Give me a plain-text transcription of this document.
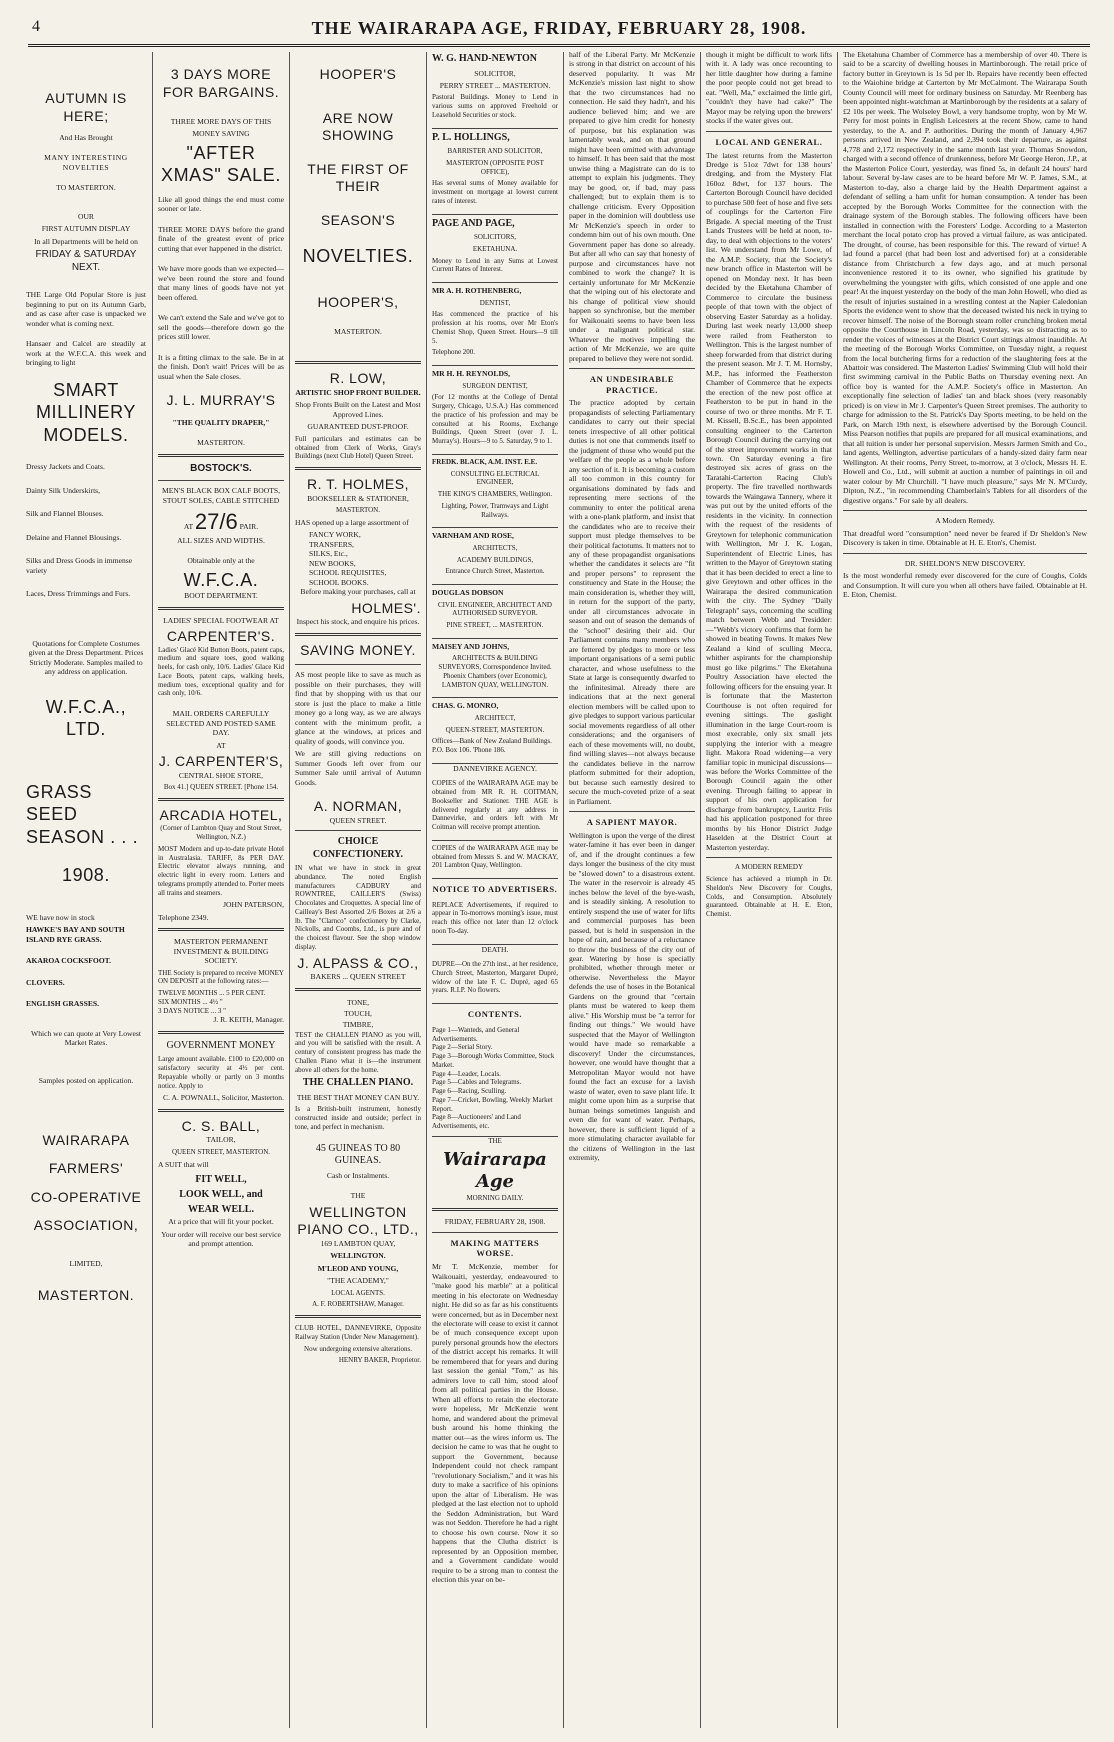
4	THE WAIRARAPA AGE, FRIDAY, FEBRUARY 28, 1908.
AUTUMN IS HERE;

And Has Brought

MANY INTERESTING NOVELTIES

TO MASTERTON.

OUR

FIRST AUTUMN DISPLAY

In all Departments will be held on

FRIDAY & SATURDAY NEXT.

THE Large Old Popular Store is just beginning to put on its Autumn Garb, and as case after case is unpacked we wonder what is coming next.

Hansaer and Calcel are steadily at work at the W.F.C.A. this week and bringing to light

SMART MILLINERY MODELS.
Dressy Jackets and Coats.
Dainty Silk Underskirts,
Silk and Flannel Blouses.
Delaine and Flannel Blousings.
Silks and Dress Goods in immense variety
Laces, Dress Trimmings and Furs.

Quotations for Complete Costumes given at the Dress Department. Prices Strictly Moderate. Samples mailed to any address on application.

W.F.C.A., LTD.
GRASS SEED
SEASON . . .
1908.

WE have now in stock

HAWKE'S BAY AND SOUTH ISLAND RYE GRASS.
AKAROA COCKSFOOT.
CLOVERS.
ENGLISH GRASSES.

Which we can quote at Very Lowest Market Rates.

Samples posted on application.

WAIRARAPA
FARMERS'
CO-OPERATIVE
ASSOCIATION,

LIMITED,

MASTERTON.
3 DAYS MORE FOR BARGAINS.

THREE MORE DAYS OF THIS

MONEY SAVING

"AFTER XMAS" SALE.

Like all good things the end must come sooner or late.

THREE MORE DAYS before the grand finale of the greatest event of price cutting that ever happened in the district.

We have more goods than we expected—we've been round the store and found that many lines of goods have not yet been offered.

We can't extend the Sale and we've got to sell the goods—therefore down go the prices still lower.

It is a fitting climax to the sale. Be in at the finish. Don't wait! Prices will be as usual when the Sale closes.

J. L. MURRAY'S

"THE QUALITY DRAPER,"

MASTERTON.

BOSTOCK'S.

MEN'S BLACK BOX CALF BOOTS, STOUT SOLES, CABLE STITCHED

AT 27/6 PAIR.

ALL SIZES AND WIDTHS.

Obtainable only at the

W.F.C.A.

BOOT DEPARTMENT.

LADIES' SPECIAL FOOTWEAR AT

CARPENTER'S.

Ladies' Glacé Kid Button Boots, patent caps, medium and square toes, good walking heels, for cash only, 10/6. Ladies' Glace Kid Lace Boots, patent caps, walking heels, medium toes, exceptional quality and for cash only, 10/6.

MAIL ORDERS CAREFULLY SELECTED AND POSTED SAME DAY.

AT

J. CARPENTER'S,

CENTRAL SHOE STORE,

Box 41.] QUEEN STREET. [Phone 154.

ARCADIA HOTEL,

(Corner of Lambton Quay and Stout Street, Wellington, N.Z.)

MOST Modern and up-to-date private Hotel in Australasia. TARIFF, 8s PER DAY. Electric elevator always running, and electric light in every room. Letters and telegrams promptly attended to. Porter meets all trains and steamers.

JOHN PATERSON,

Telephone 2349.

MASTERTON PERMANENT INVESTMENT & BUILDING SOCIETY.

THE Society is prepared to receive MONEY ON DEPOSIT at the following rates:—

TWELVE MONTHS ... 5 PER CENT.
SIX MONTHS ... 4½ "
3 DAYS NOTICE ... 3 "

J. R. KEITH, Manager.

GOVERNMENT MONEY

Large amount available. £100 to £20,000 on satisfactory security at 4½ per cent. Repayable wholly or partly on 3 months notice. Apply to

C. A. POWNALL, Solicitor, Masterton.

C. S. BALL,

TAILOR,

QUEEN STREET, MASTERTON.

A SUIT that will

FIT WELL,
LOOK WELL, and
WEAR WELL.

At a price that will fit your pocket.

Your order will receive our best service and prompt attention.

HOOPER'S
ARE NOW SHOWING
THE FIRST OF THEIR
SEASON'S
NOVELTIES.
HOOPER'S,

MASTERTON.

R. LOW,

ARTISTIC SHOP FRONT BUILDER.

Shop Fronts Built on the Latest and Most Approved Lines.

GUARANTEED DUST-PROOF.

Full particulars and estimates can be obtained from Clerk of Works, Gray's Buildings (next Club Hotel) Queen Street.

R. T. HOLMES,

BOOKSELLER & STATIONER,

MASTERTON.

HAS opened up a large assortment of

FANCY WORK,
TRANSFERS,
SILKS, Etc.,
NEW BOOKS,
SCHOOL REQUISITES,
SCHOOL BOOKS.

Before making your purchases, call at

HOLMES'.

Inspect his stock, and enquire his prices.

SAVING MONEY.

AS most people like to save as much as possible on their purchases, they will find that by shopping with us that our store is just the place to make a little money go a long way, as we are always content with the minimum profit, a glance at the windows, at prices and quality of goods, will convince you.

We are still giving reductions on Summer Goods left over from our Summer Sale until arrival of Autumn Goods.

A. NORMAN,

QUEEN STREET.

CHOICE CONFECTIONERY.

IN what we have in stock in great abundance. The noted English manufacturers CADBURY and ROWNTREE, CAILLER'S (Swiss) Chocolates and Croquettes. A special line of Cailleay's Best Assorted 2/6 Boxes at 2/6 a lb. The "Clarnco" confectionery by Clarke, Nickolls, and Coombs, Ltd., is pure and of the choicest flavour. See the shop window display.

J. ALPASS & CO.,

BAKERS ... QUEEN STREET

TONE,
TOUCH,
TIMBRE,

TEST the CHALLEN PIANO as you will, and you will be satisfied with the result. A century of consistent progress has made the Challen Piano what it is—the instrument above all others for the home.

THE CHALLEN PIANO.

THE BEST THAT MONEY CAN BUY.

Is a British-built instrument, honestly constructed inside and outside; perfect in tone, and perfect in mechanism.

45 GUINEAS TO 80 GUINEAS.

Cash or Instalments.

THE

WELLINGTON PIANO CO., LTD.,

169 LAMBTON QUAY,

WELLINGTON.

M'LEOD AND YOUNG,

"THE ACADEMY,"

LOCAL AGENTS.

A. F. ROBERTSHAW, Manager.

CLUB HOTEL, DANNEVIRKE, Opposite Railway Station (Under New Management).

Now undergoing extensive alterations.

HENRY BAKER, Proprietor.

W. G. HAND-NEWTON

SOLICITOR,

PERRY STREET ... MASTERTON.

Pastoral Buildings. Money to Lend in various sums on approved Freehold or Leasehold Securities or stock.

P. L. HOLLINGS,

BARRISTER AND SOLICITOR,

MASTERTON (OPPOSITE POST OFFICE),

Has several sums of Money available for investment on mortgage at lowest current rates of interest.

PAGE AND PAGE,

SOLICITORS,

EKETAHUNA.

Money to Lend in any Sums at Lowest Current Rates of Interest.

MR A. H. ROTHENBERG,

DENTIST,

Has commenced the practice of his profession at his rooms, over Mr Eton's Chemist Shop, Queen Street. Hours—9 till 5.

Telephone 200.

MR H. H. REYNOLDS,

SURGEON DENTIST,

(For 12 months at the College of Dental Surgery, Chicago, U.S.A.) Has commenced the practice of his profession and may be consulted at his Rooms, Exchange Buildings, Queen Street (over J. L. Murray's). Hours—9 to 5. Saturday, 9 to 1.

FREDK. BLACK, A.M. INST. E.E.

CONSULTING ELECTRICAL ENGINEER,

THE KING'S CHAMBERS, Wellington.

Lighting, Power, Tramways and Light Railways.

VARNHAM AND ROSE,

ARCHITECTS,

ACADEMY BUILDINGS,

Entrance Church Street, Masterton.

DOUGLAS DOBSON

CIVIL ENGINEER, ARCHITECT AND AUTHORISED SURVEYOR.

PINE STREET, ... MASTERTON.

MAISEY AND JOHNS,

ARCHITECTS & BUILDING SURVEYORS, Correspondence Invited. Phoenix Chambers (over Economic), LAMBTON QUAY, WELLINGTON.

CHAS. G. MONRO,

ARCHITECT,

QUEEN-STREET, MASTERTON.

Offices—Bank of New Zealand Buildings. P.O. Box 106. 'Phone 186.

DANNEVIRKE AGENCY.

COPIES of the WAIRARAPA AGE may be obtained from MR R. H. COITMAN, Bookseller and Stationer. THE AGE is delivered regularly at any address in Dannevirke, and orders left with Mr Coitman will receive prompt attention.

COPIES of the WAIRARAPA AGE may be obtained from Messrs S. and W. MACKAY, 201 Lambton Quay, Wellington.

NOTICE TO ADVERTISERS.

REPLACE Advertisements, if required to appear in To-morrows morning's issue, must reach this office not later than 12 o'clock noon To-day.

DEATH.

DUPRE—On the 27th inst., at her residence, Church Street, Masterton, Margaret Dupré, widow of the late F. C. Dupré, aged 65 years. R.I.P. No flowers.

CONTENTS.

Page 1—Wanteds, and General Advertisements.
Page 2—Serial Story.
Page 3—Borough Works Committee, Stock Market.
Page 4—Leader, Locals.
Page 5—Cables and Telegrams.
Page 6—Racing, Sculling.
Page 7—Cricket, Bowling, Weekly Market Report.
Page 8—Auctioneers' and Land Advertisements, etc.

THE

Wairarapa Age

MORNING DAILY.

FRIDAY, FEBRUARY 28, 1908.

MAKING MATTERS WORSE.

Mr T. McKenzie, member for Waikouaiti, yesterday, endeavoured to "make good his marble" at a political meeting in his electorate on Wednesday night. He did so as far as his constituents were concerned, but as in December next the electorate will cease to exist it cannot be of much consequence except upon purely personal grounds how the electors of the district accept his remarks. It will be remembered that for years and during last session the genial "Tom," as his admirers love to call him, stood aloof from all political parties in the House. When all efforts to retain the electorate were hopeless, Mr McKenzie went home, and wandered about the primeval bush around his home thinking the matter out—as the wires inform us. The decision he came to was that he ought to support the Government, because Independent could not check rampant "revolutionary Socialism," and it was his duty to make a sacrifice of his opinions upon the altar of Liberalism. He was pledged at the last election not to uphold the Seddon Administration, but Ward was not Seddon. Therefore he had a right to choose his own course. Now it so happens that the Clutha district is represented by an Opposition member, and a Government candidate would require to be a strong man to contest the election this year on be-

half of the Liberal Party. Mr McKenzie is strong in that district on account of his deserved popularity. It was Mr McKenzie's mission last night to show that the two circumstances had no connection. He said they hadn't, and his audience believed him; and we are prepared to give him credit for honesty of purpose, but his explanation was lamentably weak, and on that ground might have been omitted with advantage to himself. It has been said that the most unwise thing a Magistrate can do is to attempt to explain his judgments. They may be good, or, if bad, may pass challenged; but to explain them is to challenge criticism. Every Opposition paper in the dominion will doubtless use Mr McKenzie's speech in order to condemn him out of his own mouth. One Government paper has done so already. But after all who can say that honesty of purpose and circumstances have not combined to work the change? It is certainly unfortunate for Mr McKenzie that the wiping out of his electorate and his change of political view should happen so synchronise, but the member for Waikouaiti seems to have been less under a malignant political star. Whatever the motives impelling the action of Mr McKenzie, we are quite prepared to believe they were not sordid.

AN UNDESIRABLE PRACTICE.

The practice adopted by certain propagandists of selecting Parliamentary candidates to carry out their special tenets irrespective of all other political duties is not one that commends itself to the judgment of those who would put the welfare of the people as a whole before any section of it. It is becoming a custom all too common in this country for organisations dominated by fads and representing mere sections of the community to enter the political arena with a one-plank platform, and insist that the candidates who are to receive their support must pledge themselves to be their political factotums. It matters not to any of these propagandist organisations whether the candidates it selects are "fit and proper persons" to represent the constituency and State in the House; the main consideration is, whether they will, in return for the support of the party, under all circumstances advocate in season and out of season the demands of the "school" desiring their aid. Our Parliament contains many members who are fettered by pledges to more or less important organisations of a semi public character, and whose usefulness to the State at large is consequently dwarfed to the infinitesimal. Already there are indications that at the next general election members will be called upon to give pledges to support various particular social movements regardless of all other considerations; and the organisers of each of these movements will, no doubt, find willing slaves—not always because the candidates believe in the narrow platform submitted for their adoption, but because such earnestly desired to secure the much-coveted prize of a seat in Parliament.

A SAPIENT MAYOR.

Wellington is upon the verge of the direst water-famine it has ever been in danger of, and if the drought continues a few days longer the business of the city must be "slowed down" to a disastrous extent. The water in the reservoir is already 45 inches below the level of the bye-wash, and is steadily sinking. A resolution to entirely suspend the use of water for lifts and commercial purposes has been passed, but is held in suspension in the hope of rain, and because of a reluctance to throw the business of the city out of gear. Watering by hose is specially prohibited, whether through meter or otherwise. Nevertheless the Mayor defends the use of hoses in the Botanical Gardens on the ground that "certain plants must be watered to keep them alive." His Worship must be "a terror for finding out things." We would have suspected that the Mayor of Wellington would have made so remarkable a discovery! Under the circumstances, however, one would have thought that a Metropolitan Mayor would not have found the fact an excuse for a lavish waste of water, even to save plant life. It might come upon him as a surprise that human beings sometimes languish and even die for want of water. Perhaps, however, there is sufficient liquid of a more stimulating character available for the citizens of Wellington in the last extremity,

though it might be difficult to work lifts with it. A lady was once recounting to her little daughter how during a famine the poor people could not get bread to eat. "Well, Ma," exclaimed the little girl, "couldn't they have had cake?" The Mayor may be relying upon the brewers' stocks if the water gives out.

LOCAL AND GENERAL.

The latest returns from the Masterton Dredge is 51oz 7dwt for 138 hours' dredging, and from the Mystery Flat 160oz 8dwt, for 137 hours. The Carterton Borough Council have decided to purchase 500 feet of hose and five sets of couplings for the Carterton Fire Brigade. A special meeting of the Trust Lands Trustees will be held at noon, to-day, to deal with objections to the voters' list. We understand from Mr Lowe, of the A.M.P. Society, that the Society's new branch office in Masterton will be opened on Monday next. It has been decided by the Eketahuna Chamber of Commerce to circulate the business people of that town with the object of observing Easter Saturday as a holiday. During last week nearly 13,000 sheep were railed from Featherston to Wellington. This is the largest number of sheep forwarded from that district during the present season. Mr J. T. M. Hornsby, M.P., has informed the Featherston Chamber of Commerce that he expects the erection of the new post office at Featherston to be put in hand in the course of two or three months. Mr F. T. M. Kissell, B.Sc.E., has been appointed consulting engineer to the Carterton Borough Council during the carrying out of the street improvement works in that town. On Saturday evening a fire destroyed six acres of grass on the Taratahi-Carterton Racing Club's property. The fire travelled northwards towards the Waingawa Tannery, where it was put out by the united efforts of the residents in the vicinity. In connection with the request of the residents of Greytown for telephonic communication with Wellington, Mr J. K. Logan, Superintendent of Electric Lines, has written to the Mayor of Greytown stating that it has been decided to erect a line to give Greytown and other offices in the Wairarapa the desired communication with the city. The Sydney "Daily Telegraph" says, concerning the sculling match between Webb and Tresidder:—"Webb's victory confirms that form he showed in beating Towns. It makes New Zealand a kind of sculling Mecca, whither aspirants for the championship must go like pilgrims." The Eketahuna Poultry Association have elected the following officers for the ensuing year. It is fortunate that the Masterton Courthouse is not often required for evening sittings. The gaslight illumination in the large Court-room is most execrable, only six small jets supplying the interior with a meagre light. Makora Road widening—a very familiar topic in municipal discussions—was before the Works Committee of the Borough Council again the other evening. Through failing to appear in support of his own application for discharge from bankruptcy, Lauritz Friis had his application postponed for three months by his Honor District Judge Haselden at the District Court at Masterton yesterday.

A MODERN REMEDY

Science has achieved a triumph in Dr. Sheldon's New Discovery for Coughs, Colds, and Consumption. Absolutely guaranteed. Obtainable at H. E. Eton, Chemist.

The Eketahuna Chamber of Commerce has a membership of over 40. There is said to be a scarcity of dwelling houses in Martinborough. The retail price of factory butter in Greytown is 1s 5d per lb. Repairs have recently been effected to the Waiohine bridge at Carterton by Mr McCalmont. The Wairarapa South County Council will meet for ordinary business on Saturday. Mr Reenberg has been appointed night-watchman at Martinborough by the residents at a salary of £2 10s per week. The Wolseley Bowl, a very handsome trophy, won by Mr W. Perry for most points in English Leicesters at the recent Show, came to hand yesterday, to the A. and P. authorities. During the month of January 4,967 persons arrived in New Zealand, and 2,394 took their departure, as against 4,778 and 2,172 respectively in the same month last year. Thomas Snowdon, charged with a second offence of drunkenness, before Mr George Heron, J.P., at the Masterton Police Court, yesterday, was fined 5s, in default 24 hours' hard labour. Several by-law cases are to be heard before Mr W. P. James, S.M., at Masterton to-day, also a charge laid by the Health Department against a defendant of selling a ham unfit for human consumption. A tender has been accepted by the Borough Works Committee for the connection with the drainage system of the Borough stables. The following officers have been installed in connection with the Foresters' Lodge. According to a Masterton merchant the local potato crop has proved a virtual failure, as was anticipated. The drought, of course, has been responsible for this. The reward of virtue! A lad found a parcel (that had been lost and advertised for) at a considerable distance from Christchurch a few days ago, and at much personal inconvenience restored it to its owner, who signified his gratitude by overwhelming the youngster with gifts, which consisted of one apple and one pear! At the inquest yesterday on the body of the man John Howell, who died as the result of injuries sustained in a wrestling contest at the Napier Caledonian Sports the evidence went to show that the deceased twisted his neck in trying to recover himself. The noise of the Borough steam roller crunching broken metal opposite the Courthouse in Lincoln Road, yesterday, was so distracting as to render the voices of witnesses at the District Court sittings almost inaudible. At the meeting of the Borough Works Committee, on Tuesday night, a request from the local butchering firms for a reduction of the slaughtering fees at the Abattoir was considered. The Masterton Ladies' Swimming Club will hold their first swimming carnival in the Public Baths on Thursday evening next. An office boy is wanted for the A.M.P. Society's office in Masterton. An exceptionally fine selection of ladies' tan and black shoes (very reasonably priced) is on view in Mr J. Carpenter's Queen Street premises. The authority to charge for admission to the St. Patrick's Day Sports meeting, to be held on the Park, on March 19th next, is elsewhere advertised by the Borough Council. Miss Pearson notifies that pupils are prepared for all musical examinations, and that all tuition is under her personal supervision. Messrs Jarmen Smith and Co., land agents, Wellington, advertise particulars of a handy-sized dairy farm near Wellington. At their rooms, Perry Street, to-morrow, at 3 o'clock, Messrs H. E. Howell and Co., Ltd., will submit at auction a number of paintings in oil and water colour by Mr Churchill. "I have much pleasure," says Mr N. M'Curdy, Dipton, N.Z., "in recommending Chamberlain's Tablets for all disorders of the digestive organs." For sale by all dealers.

A Modern Remedy.

That dreadful word "consumption" need never be feared if Dr Sheldon's New Discovery is taken in time. Obtainable at H. E. Eton's, Chemist.

DR. SHELDON'S NEW DISCOVERY.

Is the most wonderful remedy ever discovered for the cure of Coughs, Colds and Consumption. It will cure you when all others have failed. Obtainable at H. E. Eton, Chemist.
